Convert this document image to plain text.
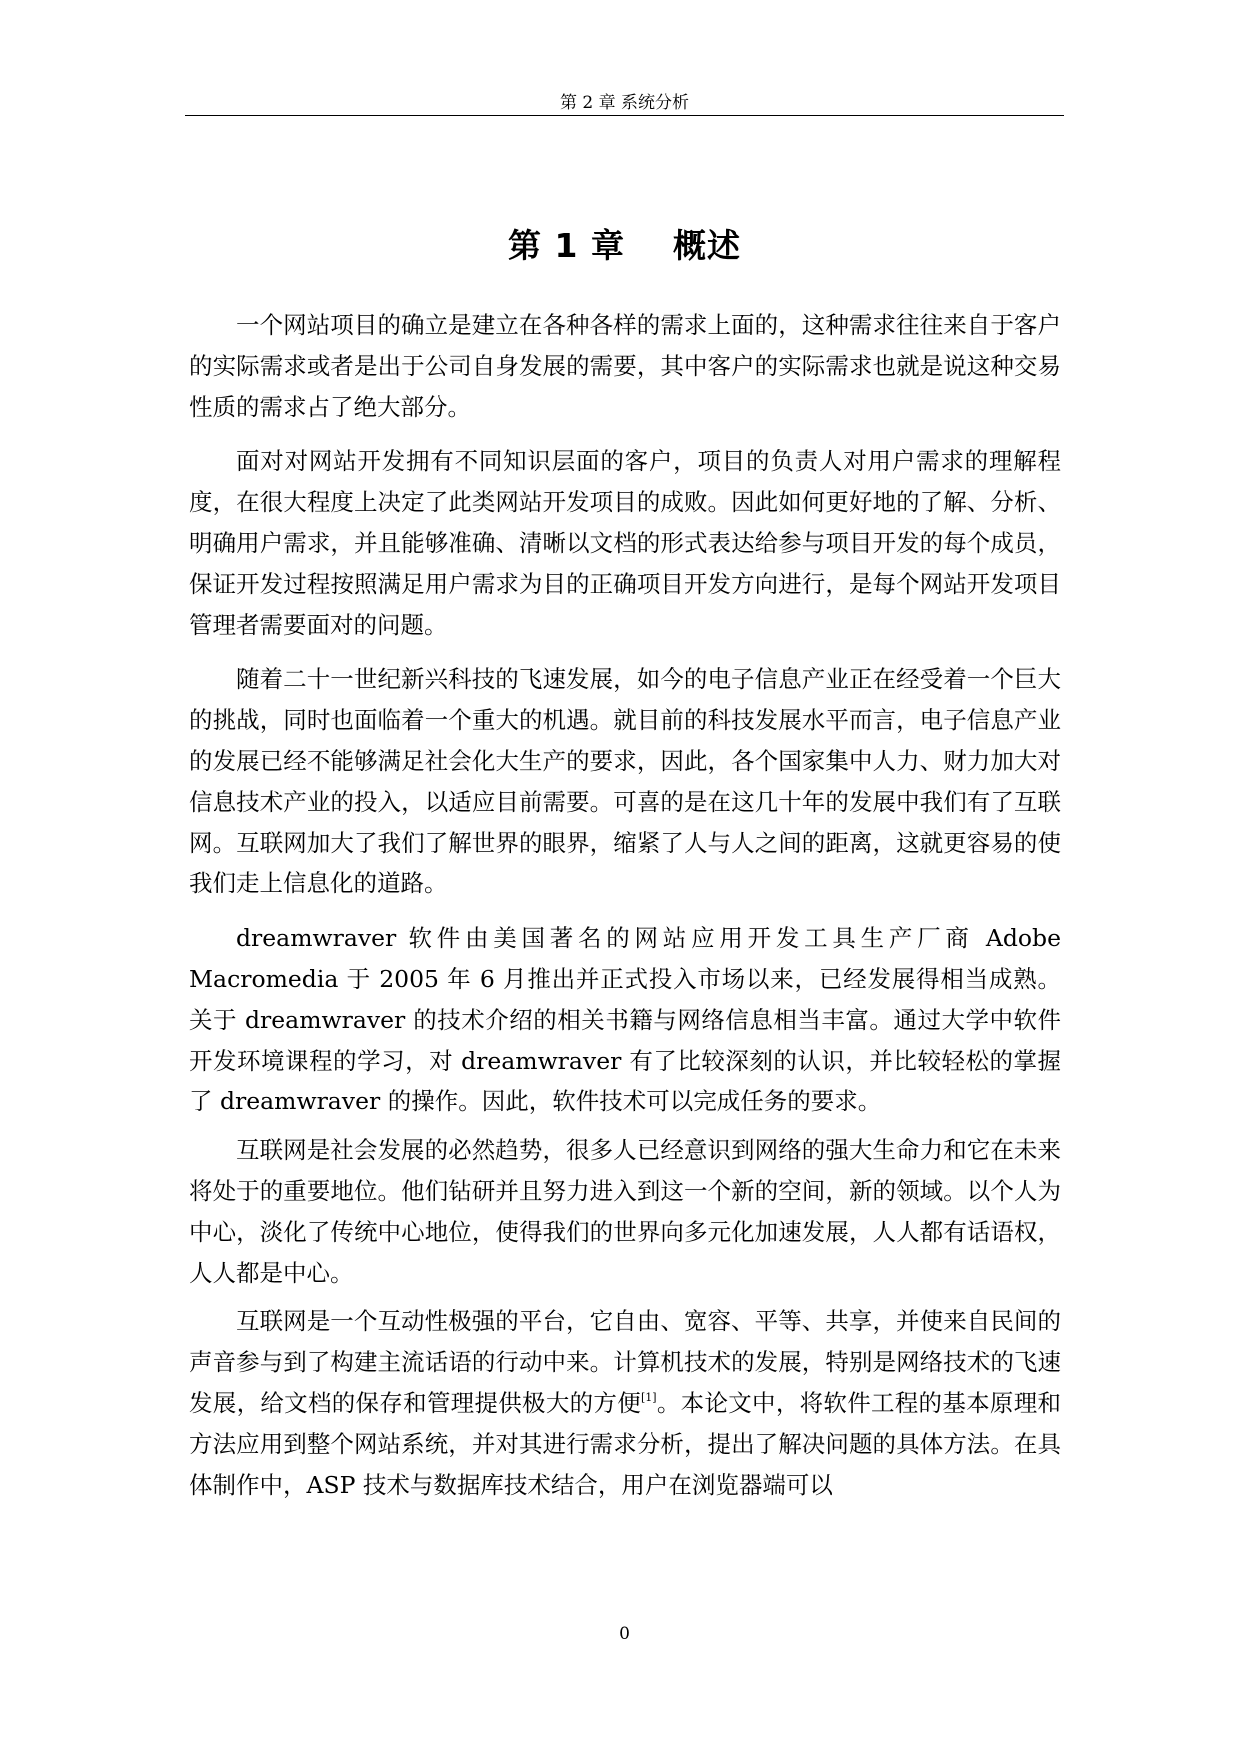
第 2 章 系统分析
第 1 章 概述

一个网站项目的确立是建立在各种各样的需求上面的，这种需求往往来自于客户的实际需求或者是出于公司自身发展的需要，其中客户的实际需求也就是说这种交易性质的需求占了绝大部分。

面对对网站开发拥有不同知识层面的客户，项目的负责人对用户需求的理解程度，在很大程度上决定了此类网站开发项目的成败。因此如何更好地的了解、分析、明确用户需求，并且能够准确、清晰以文档的形式表达给参与项目开发的每个成员，保证开发过程按照满足用户需求为目的正确项目开发方向进行，是每个网站开发项目管理者需要面对的问题。

随着二十一世纪新兴科技的飞速发展，如今的电子信息产业正在经受着一个巨大的挑战，同时也面临着一个重大的机遇。就目前的科技发展水平而言，电子信息产业的发展已经不能够满足社会化大生产的要求，因此，各个国家集中人力、财力加大对信息技术产业的投入，以适应目前需要。可喜的是在这几十年的发展中我们有了互联网。互联网加大了我们了解世界的眼界，缩紧了人与人之间的距离，这就更容易的使我们走上信息化的道路。

dreamwraver 软件由美国著名的网站应用开发工具生产厂商 Adobe Macromedia 于 2005 年 6 月推出并正式投入市场以来，已经发展得相当成熟。关于 dreamwraver 的技术介绍的相关书籍与网络信息相当丰富。通过大学中软件开发环境课程的学习，对 dreamwraver 有了比较深刻的认识，并比较轻松的掌握了 dreamwraver 的操作。因此，软件技术可以完成任务的要求。

互联网是社会发展的必然趋势，很多人已经意识到网络的强大生命力和它在未来将处于的重要地位。他们钻研并且努力进入到这一个新的空间，新的领域。以个人为中心，淡化了传统中心地位，使得我们的世界向多元化加速发展，人人都有话语权，人人都是中心。

互联网是一个互动性极强的平台，它自由、宽容、平等、共享，并使来自民间的声音参与到了构建主流话语的行动中来。计算机技术的发展，特别是网络技术的飞速发展，给文档的保存和管理提供极大的方便[1]。本论文中，将软件工程的基本原理和方法应用到整个网站系统，并对其进行需求分析，提出了解决问题的具体方法。在具体制作中，ASP 技术与数据库技术结合，用户在浏览器端可以

0
